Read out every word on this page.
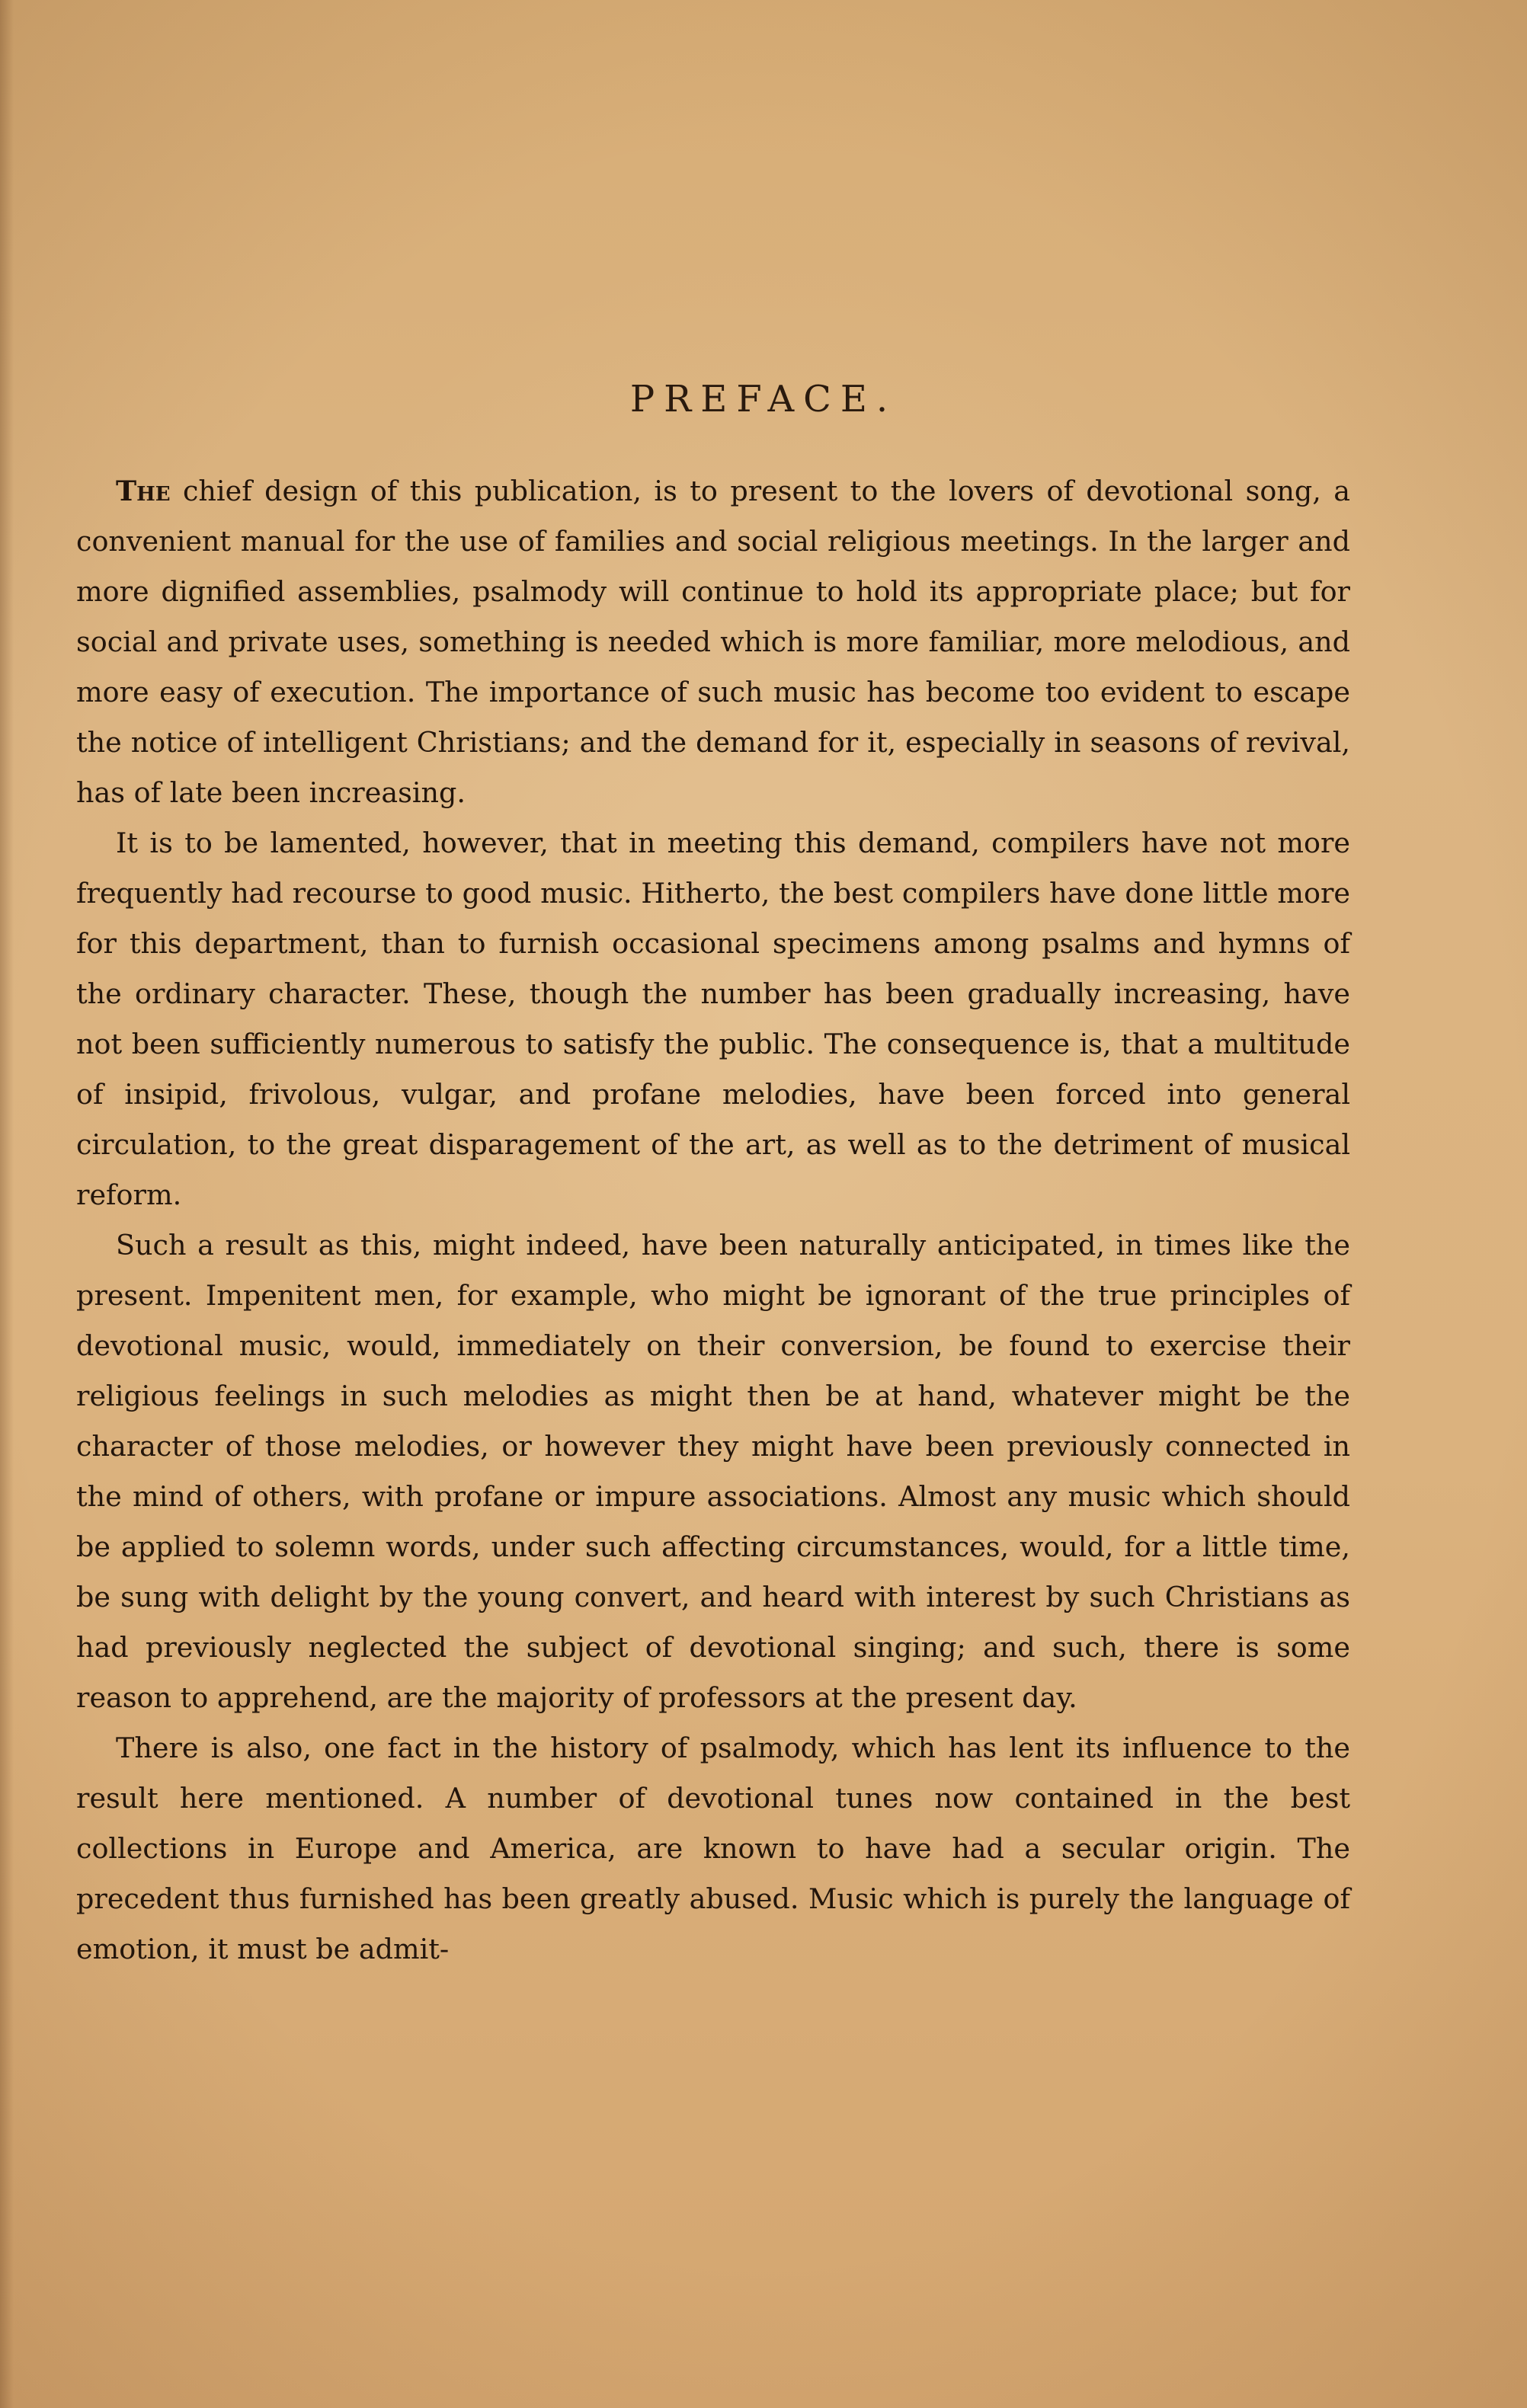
PREFACE.

The chief design of this publication, is to present to the lovers of devotional song, a convenient manual for the use of families and social religious meetings. In the larger and more dignified assemblies, psalmody will continue to hold its appropriate place; but for social and private uses, something is needed which is more familiar, more melodious, and more easy of execution. The importance of such music has become too evident to escape the notice of intelligent Christians; and the demand for it, especially in seasons of revival, has of late been increasing.

It is to be lamented, however, that in meeting this demand, compilers have not more frequently had recourse to good music. Hitherto, the best compilers have done little more for this department, than to furnish occasional specimens among psalms and hymns of the ordinary character. These, though the number has been gradually increasing, have not been sufficiently numerous to satisfy the public. The consequence is, that a multitude of insipid, frivolous, vulgar, and profane melodies, have been forced into general circulation, to the great disparagement of the art, as well as to the detriment of musical reform.

Such a result as this, might indeed, have been naturally anticipated, in times like the present. Impenitent men, for example, who might be ignorant of the true principles of devotional music, would, immediately on their conversion, be found to exercise their religious feelings in such melodies as might then be at hand, whatever might be the character of those melodies, or however they might have been previously connected in the mind of others, with profane or impure associations. Almost any music which should be applied to solemn words, under such affecting circumstances, would, for a little time, be sung with delight by the young convert, and heard with interest by such Christians as had previously neglected the subject of devotional singing; and such, there is some reason to apprehend, are the majority of professors at the present day.

There is also, one fact in the history of psalmody, which has lent its influence to the result here mentioned. A number of devotional tunes now contained in the best collections in Europe and America, are known to have had a secular origin. The precedent thus furnished has been greatly abused. Music which is purely the language of emotion, it must be admit-
